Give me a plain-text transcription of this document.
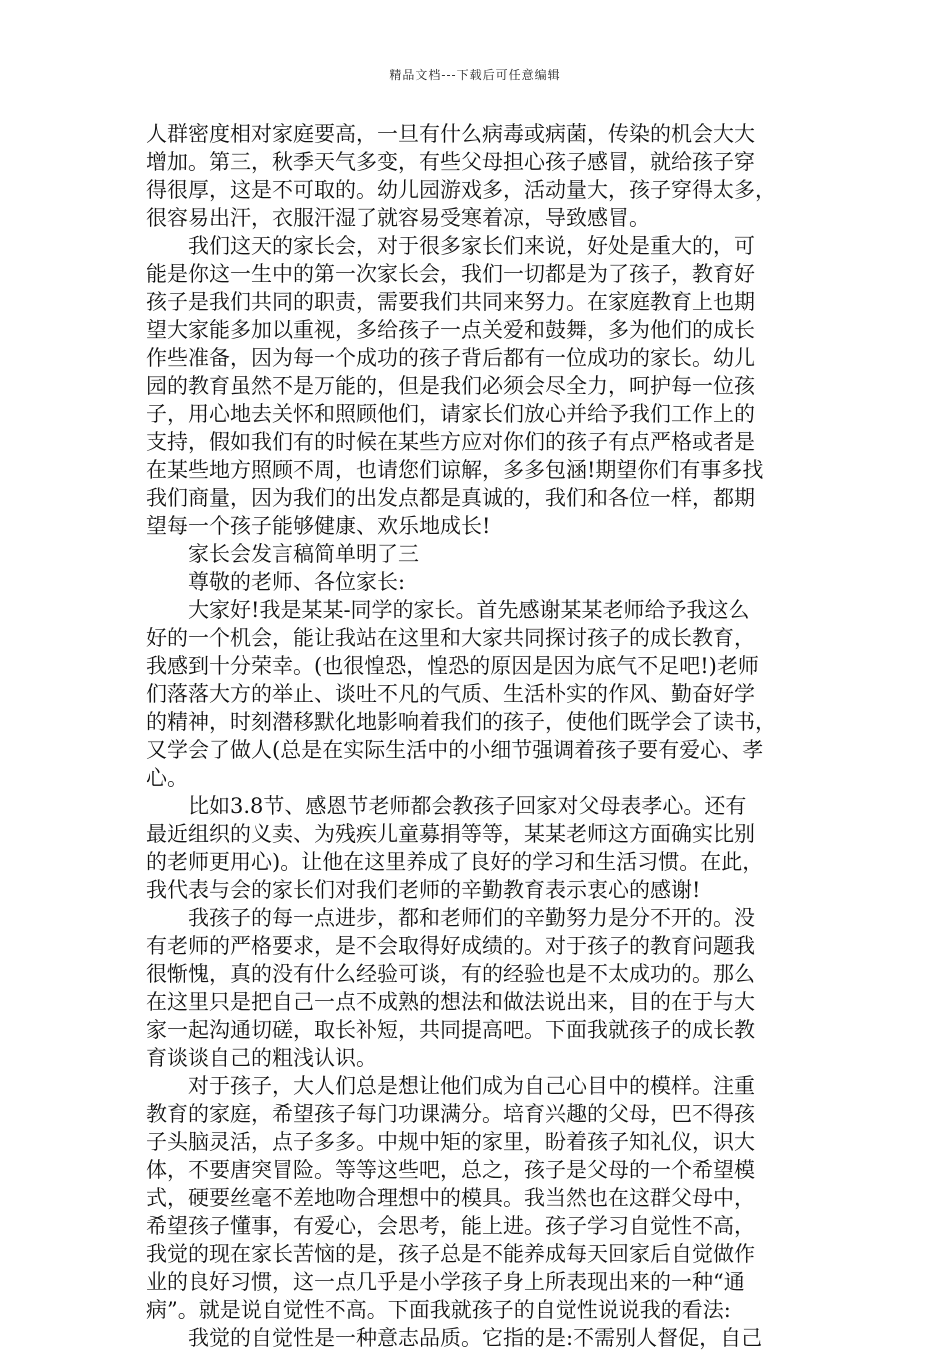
精品文档---下载后可任意编辑
人群密度相对家庭要高，一旦有什么病毒或病菌，传染的机会大大
增加。第三，秋季天气多变，有些父母担心孩子感冒，就给孩子穿
得很厚，这是不可取的。幼儿园游戏多，活动量大，孩子穿得太多，
很容易出汗，衣服汗湿了就容易受寒着凉，导致感冒。
　　我们这天的家长会，对于很多家长们来说，好处是重大的，可
能是你这一生中的第一次家长会，我们一切都是为了孩子，教育好
孩子是我们共同的职责，需要我们共同来努力。在家庭教育上也期
望大家能多加以重视，多给孩子一点关爱和鼓舞，多为他们的成长
作些准备，因为每一个成功的孩子背后都有一位成功的家长。幼儿
园的教育虽然不是万能的，但是我们必须会尽全力，呵护每一位孩
子，用心地去关怀和照顾他们，请家长们放心并给予我们工作上的
支持，假如我们有的时候在某些方应对你们的孩子有点严格或者是
在某些地方照顾不周，也请您们谅解，多多包涵!期望你们有事多找
我们商量，因为我们的出发点都是真诚的，我们和各位一样，都期
望每一个孩子能够健康、欢乐地成长!
　　家长会发言稿简单明了三
　　尊敬的老师、各位家长:
　　大家好!我是某某-同学的家长。首先感谢某某老师给予我这么
好的一个机会，能让我站在这里和大家共同探讨孩子的成长教育，
我感到十分荣幸。(也很惶恐，惶恐的原因是因为底气不足吧!)老师
们落落大方的举止、谈吐不凡的气质、生活朴实的作风、勤奋好学
的精神，时刻潜移默化地影响着我们的孩子，使他们既学会了读书，
又学会了做人(总是在实际生活中的小细节强调着孩子要有爱心、孝
心。
　　比如3.8节、感恩节老师都会教孩子回家对父母表孝心。还有
最近组织的义卖、为残疾儿童募捐等等，某某老师这方面确实比别
的老师更用心)。让他在这里养成了良好的学习和生活习惯。在此，
我代表与会的家长们对我们老师的辛勤教育表示衷心的感谢!
　　我孩子的每一点进步，都和老师们的辛勤努力是分不开的。没
有老师的严格要求，是不会取得好成绩的。对于孩子的教育问题我
很惭愧，真的没有什么经验可谈，有的经验也是不太成功的。那么
在这里只是把自己一点不成熟的想法和做法说出来，目的在于与大
家一起沟通切磋，取长补短，共同提高吧。下面我就孩子的成长教
育谈谈自己的粗浅认识。
　　对于孩子，大人们总是想让他们成为自己心目中的模样。注重
教育的家庭，希望孩子每门功课满分。培育兴趣的父母，巴不得孩
子头脑灵活，点子多多。中规中矩的家里，盼着孩子知礼仪，识大
体，不要唐突冒险。等等这些吧，总之，孩子是父母的一个希望模
式，硬要丝毫不差地吻合理想中的模具。我当然也在这群父母中，
希望孩子懂事，有爱心，会思考，能上进。孩子学习自觉性不高，
我觉的现在家长苦恼的是，孩子总是不能养成每天回家后自觉做作
业的良好习惯，这一点几乎是小学孩子身上所表现出来的一种“通
病”。就是说自觉性不高。下面我就孩子的自觉性说说我的看法:
　　我觉的自觉性是一种意志品质。它指的是:不需别人督促，自己
